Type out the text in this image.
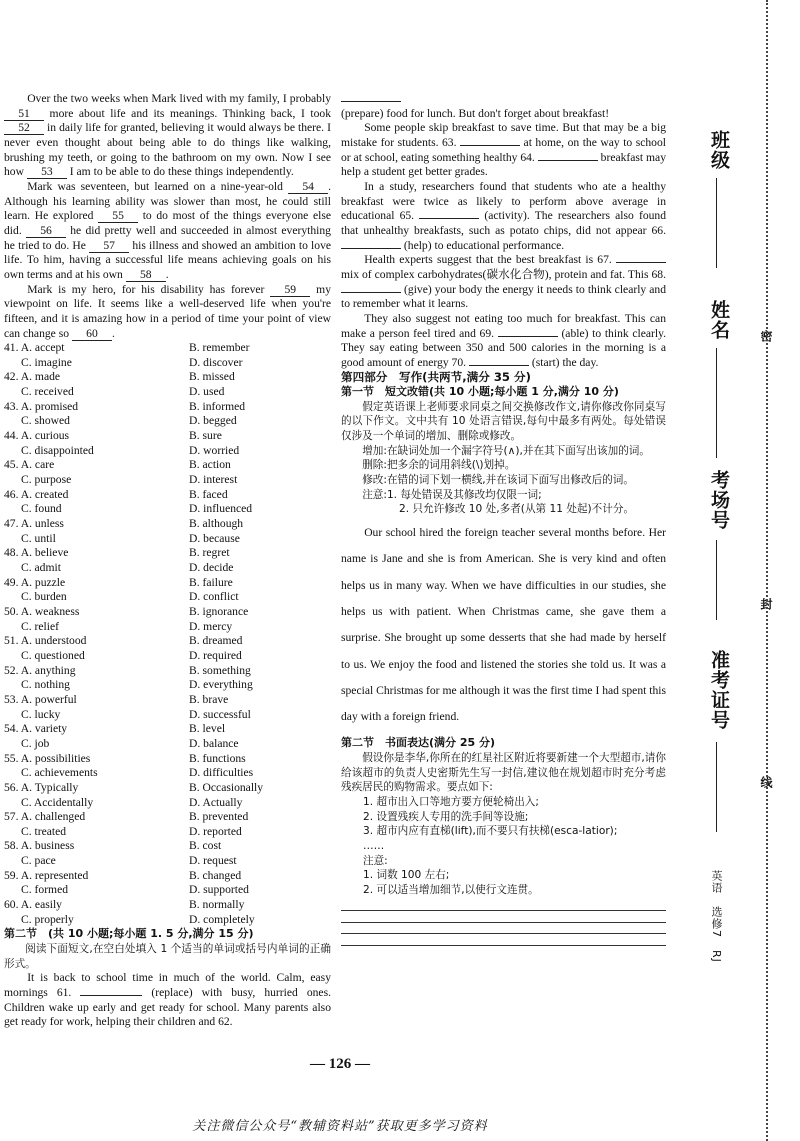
Over the two weeks when Mark lived with my family, I probably 51 more about life and its meanings. Thinking back, I took 52 in daily life for granted, believing it would always be there. I never even thought about being able to do things like walking, brushing my teeth, or going to the bathroom on my own. Now I see how 53 I am to be able to do these things independently.
Mark was seventeen, but learned on a nine-year-old 54 . Although his learning ability was slower than most, he could still learn. He explored 55 to do most of the things everyone else did. 56 he did pretty well and succeeded in almost everything he tried to do. He 57 his illness and showed an ambition to love life. To him, having a successful life means achieving goals on his own terms and at his own 58 .
Mark is my hero, for his disability has forever 59 my viewpoint on life. It seems like a well-deserved life when you're fifteen, and it is amazing how in a period of time your point of view can change so 60 .
41. A. accept	B. remember
C. imagine	D. discover
42. A. made	B. missed
C. received	D. used
43. A. promised	B. informed
C. showed	D. begged
44. A. curious	B. sure
C. disappointed	D. worried
45. A. care	B. action
C. purpose	D. interest
46. A. created	B. faced
C. found	D. influenced
47. A. unless	B. although
C. until	D. because
48. A. believe	B. regret
C. admit	D. decide
49. A. puzzle	B. failure
C. burden	D. conflict
50. A. weakness	B. ignorance
C. relief	D. mercy
51. A. understood	B. dreamed
C. questioned	D. required
52. A. anything	B. something
C. nothing	D. everything
53. A. powerful	B. brave
C. lucky	D. successful
54. A. variety	B. level
C. job	D. balance
55. A. possibilities	B. functions
C. achievements	D. difficulties
56. A. Typically	B. Occasionally
C. Accidentally	D. Actually
57. A. challenged	B. prevented
C. treated	D. reported
58. A. business	B. cost
C. pace	D. request
59. A. represented	B. changed
C. formed	D. supported
60. A. easily	B. normally
C. properly	D. completely
第二节　(共 10 小题;每小题 1. 5 分,满分 15 分)
阅读下面短文,在空白处填入 1 个适当的单词或括号内单词的正确形式。
It is back to school time in much of the world. Calm, easy mornings 61.	(replace) with busy, hurried ones. Children wake up early and get ready for school. Many parents also get ready for work, helping their children and 62.

(prepare) food for lunch. But don't forget about breakfast!
Some people skip breakfast to save time. But that may be a big mistake for students. 63.	at home, on the way to school or at school, eating something healthy 64.	breakfast may help a student get better grades.
In a study, researchers found that students who ate a healthy breakfast were twice as likely to perform above average in educational 65.	(activity). The researchers also found that unhealthy breakfasts, such as potato chips, did not appear 66.  (help) to educational performance.
Health experts suggest that the best breakfast is 67.  mix of complex carbohydrates(碳水化合物), protein and fat. This 68.  (give) your body the energy it needs to think clearly and to remember what it learns.
They also suggest not eating too much for breakfast. This can make a person feel tired and 69.	(able) to think clearly. They say eating between 350 and 500 calories in the morning is a good amount of energy 70.	(start) the day.
第四部分　写作(共两节,满分 35 分)
第一节　短文改错(共 10 小题;每小题 1 分,满分 10 分)
假定英语课上老师要求同桌之间交换修改作文,请你修改你同桌写的以下作文。文中共有 10 处语言错误,每句中最多有两处。每处错误仅涉及一个单词的增加、删除或修改。
增加:在缺词处加一个漏字符号(∧),并在其下面写出该加的词。
删除:把多余的词用斜线(\)划掉。
修改:在错的词下划一横线,并在该词下面写出修改后的词。
注意:1. 每处错误及其修改均仅限一词;
2. 只允许修改 10 处,多者(从第 11 处起)不计分。
Our school hired the foreign teacher several months before. Her name is Jane and she is from American. She is very kind and often helps us in many way. When we have difficulties in our studies, she helps us with patient. When Christmas came, she gave them a surprise. She brought up some desserts that she had made by herself to us. We enjoy the food and listened the stories she told us. It was a special Christmas for me although it was the first time I had spent this day with a foreign friend.
第二节　书面表达(满分 25 分)
假设你是李华,你所在的红星社区附近将要新建一个大型超市,请你给该超市的负责人史密斯先生写一封信,建议他在规划超市时充分考虑残疾居民的购物需求。要点如下:
1. 超市出入口等地方要方便轮椅出入;
2. 设置残疾人专用的洗手间等设施;
3. 超市内应有直梯(lift),而不要只有扶梯(esca-latior);
……
注意:
1. 词数 100 左右;
2. 可以适当增加细节,以使行文连贯。
— 126 —
关注微信公众号“教辅资料站”获取更多学习资料
班级
姓名
考场号
准考证号
密
封
线
英语　选修7　RJ
